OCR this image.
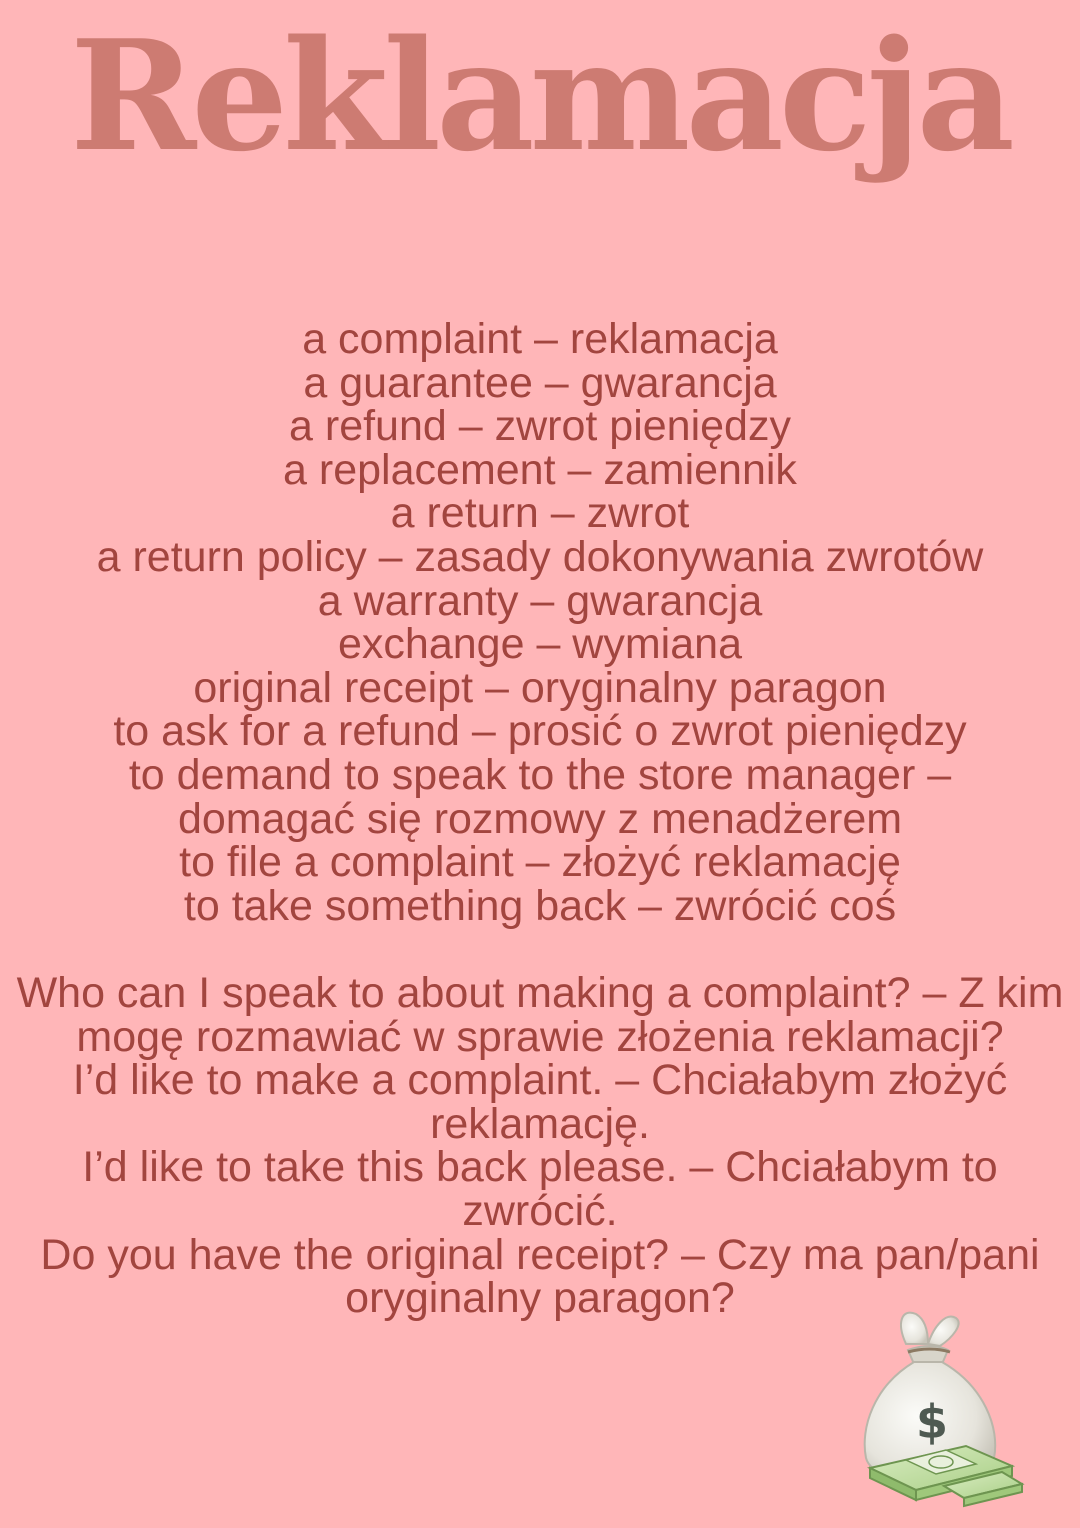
Reklamacja
a complaint – reklamacja
a guarantee – gwarancja
a refund – zwrot pieniędzy
a replacement – zamiennik
a return – zwrot
a return policy – zasady dokonywania zwrotów
a warranty – gwarancja
exchange – wymiana
original receipt – oryginalny paragon
to ask for a refund – prosić o zwrot pieniędzy
to demand to speak to the store manager –
domagać się rozmowy z menadżerem
to file a complaint – złożyć reklamację
to take something back – zwrócić coś
Who can I speak to about making a complaint? – Z kim mogę rozmawiać w sprawie złożenia reklamacji?
I’d like to make a complaint. – Chciałabym złożyć reklamację.
I’d like to take this back please. – Chciałabym to zwrócić.
Do you have the original receipt? – Czy ma pan/pani oryginalny paragon?
$
